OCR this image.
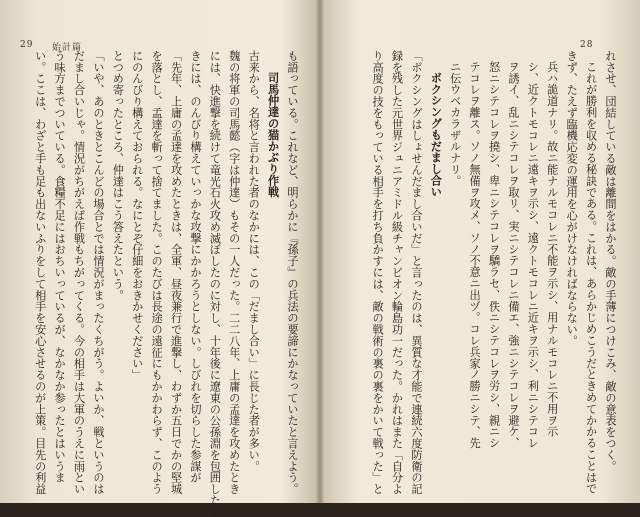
29 始計篇
も語っている。これなど、明らかに『孫子』の兵法の要諦にかなっていたと言えよう。
司馬仲達の猫かぶり作戦
古来から、名将と言われた者のなかには、この「だまし合い」に長じた者が多い。
魏の将軍の司馬懿（字は仲達）もその一人だった。二二八年、上庸の孟達を攻めたとき
には、快進撃を続けて竜光石火攻め滅ぼしたのに対し、十年後に遼東の公孫淵を包囲したと
きには、のんびり構えていっかな攻撃にかかろうとしない。しびれを切らした参謀が
「先年、上庸の孟達を攻めたときは、全軍、昼夜兼行で進撃し、わずか五日でかの堅城
を落とし、孟達を斬って捨てました。このたびは長途の遠征にもかかわらず、このよう
にのんびり構えておられる。なにとぞ仔細をおきかせください」
とつめ寄ったところ、仲達はこう答えたという。
「いや、あのときとこんどの場合とでは情況がまったくちがう。よいか、戦というのは
だまし合いじゃ。情況がちがえば作戦もちがってくる。今の相手は大軍のうえに雨とい
う味方までついている。食糧不足にはおちいっているが、なかなか参ったとはいうま
い。ここは、わざと手も足も出ないふりをして相手を安心させるのが上策。目先の利益
28
れさせ、団結している敵は離間をはかる。敵の手薄につけこみ、敵の意表をつく。
これが勝利を収める秘訣である。これは、あらかじめこうだときめてかかることはで
きず、たえず臨機応変の運用を心がけなければならない。
兵ハ詭道ナリ。故ニ能ナルモコレニ不能ヲ示シ、用ナルモコレニ不用ヲ示
シ、近クトモコレニ遠キヲ示シ、遠クトモコレニ近キヲ示シ、利ニシテコレ
ヲ誘イ、乱ニシテコレヲ取リ、実ニシテコレニ備エ、強ニシテコレヲ避ケ、
怒ニシテコレヲ撓シ、卑ニシテコレヲ驕ラセ、佚ニシテコレヲ労シ、親ニシ
テコレヲ離ス。ソノ無備ヲ攻メ、ソノ不意ニ出ヅ。コレ兵家ノ勝ニシテ、先
ニ伝ウベカラザルナリ。
ボクシングもだまし合い
「ボクシングはしょせんだまし合いだ」と言ったのは、異質な才能で連続六度防衛の記
録を残した元世界ジュニアミドル級チャンピオン輪島功一だった。かれはまた「自分よ
り高度の技をもっている相手を打ち負かすには、敵の戦術の裏の裏をかいて戦った」と
